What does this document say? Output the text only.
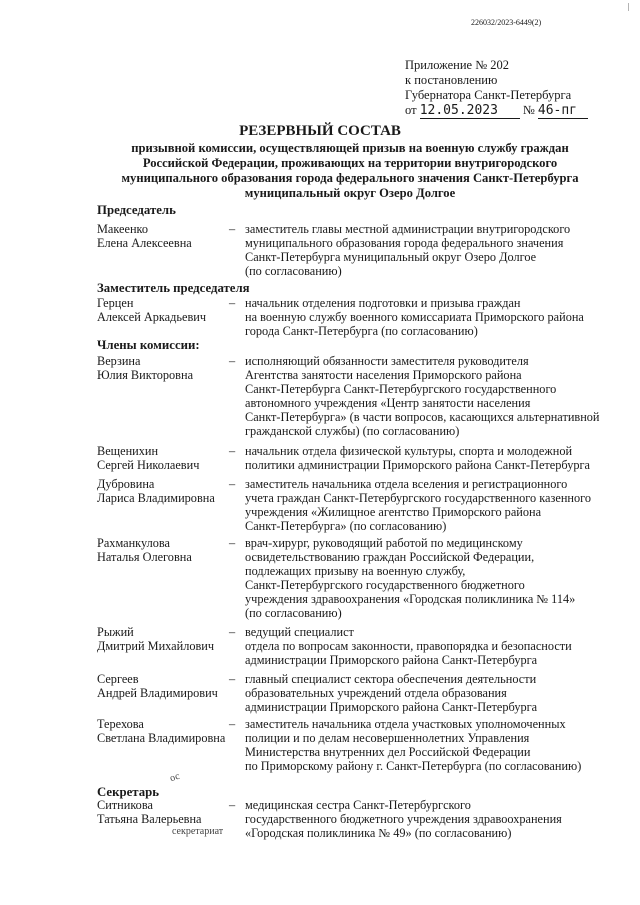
226032/2023-6449(2)
|
Приложение № 202
к постановлению
Губернатора Санкт-Петербурга
от 12.05.2023 № 46-пг
РЕЗЕРВНЫЙ СОСТАВ
призывной комиссии, осуществляющей призыв на военную службу граждан
Российской Федерации, проживающих на территории внутригородского
муниципального образования города федерального значения Санкт-Петербурга
муниципальный округ Озеро Долгое
Председатель
Макеенко
Елена Алексеевна
– заместитель главы местной администрации внутригородского
муниципального образования города федерального значения
Санкт-Петербурга муниципальный округ Озеро Долгое
(по согласованию)
Заместитель председателя
Герцен
Алексей Аркадьевич
– начальник отделения подготовки и призыва граждан
на военную службу военного комиссариата Приморского района
города Санкт-Петербурга (по согласованию)
Члены комиссии:
Верзина
Юлия Викторовна
– исполняющий обязанности заместителя руководителя
Агентства занятости населения Приморского района
Санкт-Петербурга Санкт-Петербургского государственного
автономного учреждения «Центр занятости населения
Санкт-Петербурга» (в части вопросов, касающихся альтернативной
гражданской службы) (по согласованию)
Вещенихин
Сергей Николаевич
– начальник отдела физической культуры, спорта и молодежной
политики администрации Приморского района Санкт-Петербурга
Дубровина
Лариса Владимировна
– заместитель начальника отдела вселения и регистрационного
учета граждан Санкт-Петербургского государственного казенного
учреждения «Жилищное агентство Приморского района
Санкт-Петербурга» (по согласованию)
Рахманкулова
Наталья Олеговна
– врач-хирург, руководящий работой по медицинскому
освидетельствованию граждан Российской Федерации,
подлежащих призыву на военную службу,
Санкт-Петербургского государственного бюджетного
учреждения здравоохранения «Городская поликлиника № 114»
(по согласованию)
Рыжий
Дмитрий Михайлович
– ведущий специалист
отдела по вопросам законности, правопорядка и безопасности
администрации Приморского района Санкт-Петербурга
Сергеев
Андрей Владимирович
– главный специалист сектора обеспечения деятельности
образовательных учреждений отдела образования
администрации Приморского района Санкт-Петербурга
Терехова
Светлана Владимировна
– заместитель начальника отдела участковых уполномоченных
полиции и по делам несовершеннолетних Управления
Министерства внутренних дел Российской Федерации
по Приморскому району г. Санкт-Петербурга (по согласованию)
Секретарь
ос
Ситникова
Татьяна Валерьевна
– медицинская сестра Санкт-Петербургского
государственного бюджетного учреждения здравоохранения
«Городская поликлиника № 49» (по согласованию)
секретариат
